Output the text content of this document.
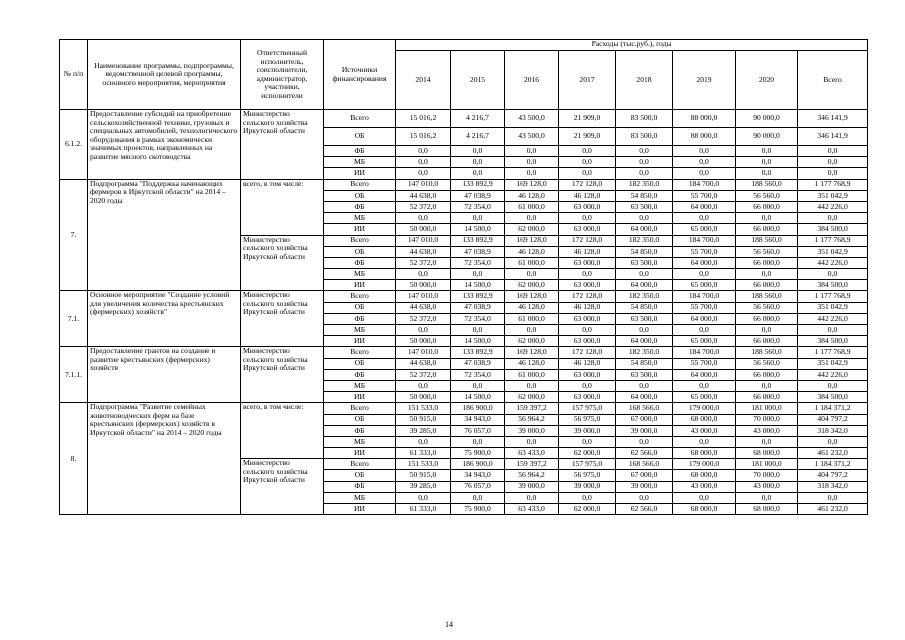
№ п/п	Наименование программы, подпрограммы, ведомственной целевой программы, основного мероприятия, мероприятия	Ответственный исполнитель, соисполнители, администратор, участники, исполнители	Источники финансирования	Расходы (тыс.руб.), годы							
				2014	2015	2016	2017	2018	2019	2020	Всего
6.1.2.	Предоставление субсидий на приобретение сельскохозяйственной техники, грузовых и специальных автомобилей, технологического оборудования в рамках экономически значимых проектов, направленных на развитие мясного скотоводства	Министерство сельского хозяйства Иркутской области	Всего	15 016,2	4 216,7	43 500,0	21 909,0	83 500,0	88 000,0	90 000,0	346 141,9
			ОБ	15 016,2	4 216,7	43 500,0	21 909,0	83 500,0	88 000,0	90 000,0	346 141,9
			ФБ	0,0	0,0	0,0	0,0	0,0	0,0	0,0	0,0
			МБ	0,0	0,0	0,0	0,0	0,0	0,0	0,0	0,0
			ИИ	0,0	0,0	0,0	0,0	0,0	0,0	0,0	0,0
7.	Подпрограмма "Поддержка начинающих фермеров в Иркутской области" на 2014 – 2020 годы	всего, в том числе:	Всего	147 010,0	133 892,9	169 128,0	172 128,0	182 350,0	184 700,0	188 560,0	1 177 768,9
			ОБ	44 638,0	47 038,9	46 128,0	46 128,0	54 850,0	55 700,0	56 560,0	351 042,9
			ФБ	52 372,0	72 354,0	61 000,0	63 000,0	63 500,0	64 000,0	66 000,0	442 226,0
			МБ	0,0	0,0	0,0	0,0	0,0	0,0	0,0	0,0
			ИИ	50 000,0	14 500,0	62 000,0	63 000,0	64 000,0	65 000,0	66 000,0	384 500,0
		Министерство сельского хозяйства Иркутской области	Всего	147 010,0	133 892,9	169 128,0	172 128,0	182 350,0	184 700,0	188 560,0	1 177 768,9
			ОБ	44 638,0	47 038,9	46 128,0	46 128,0	54 850,0	55 700,0	56 560,0	351 042,9
			ФБ	52 372,0	72 354,0	61 000,0	63 000,0	63 500,0	64 000,0	66 000,0	442 226,0
			МБ	0,0	0,0	0,0	0,0	0,0	0,0	0,0	0,0
			ИИ	50 000,0	14 500,0	62 000,0	63 000,0	64 000,0	65 000,0	66 000,0	384 500,0
7.1.	Основное мероприятие "Создание условий для увеличения количества крестьянских (фермерских) хозяйств"	Министерство сельского хозяйства Иркутской области	Всего	147 010,0	133 892,9	169 128,0	172 128,0	182 350,0	184 700,0	188 560,0	1 177 768,9
			ОБ	44 638,0	47 038,9	46 128,0	46 128,0	54 850,0	55 700,0	56 560,0	351 042,9
			ФБ	52 372,0	72 354,0	61 000,0	63 000,0	63 500,0	64 000,0	66 000,0	442 226,0
			МБ	0,0	0,0	0,0	0,0	0,0	0,0	0,0	0,0
			ИИ	50 000,0	14 500,0	62 000,0	63 000,0	64 000,0	65 000,0	66 000,0	384 500,0
7.1.1.	Предоставление грантов на создание и развитие крестьянских (фермерских) хозяйств	Министерство сельского хозяйства Иркутской области	Всего	147 010,0	133 892,9	169 128,0	172 128,0	182 350,0	184 700,0	188 560,0	1 177 768,9
			ОБ	44 638,0	47 038,9	46 128,0	46 128,0	54 850,0	55 700,0	56 560,0	351 042,9
			ФБ	52 372,0	72 354,0	61 000,0	63 000,0	63 500,0	64 000,0	66 000,0	442 226,0
			МБ	0,0	0,0	0,0	0,0	0,0	0,0	0,0	0,0
			ИИ	50 000,0	14 500,0	62 000,0	63 000,0	64 000,0	65 000,0	66 000,0	384 500,0
8.	Подпрограмма "Развитие семейных животноводческих ферм на базе крестьянских (фермерских) хозяйств в Иркутской области" на 2014 – 2020 годы	всего, в том числе:	Всего	151 533,0	186 900,0	159 397,2	157 975,0	168 566,0	179 000,0	181 000,0	1 184 371,2
			ОБ	50 915,0	34 943,0	56 964,2	56 975,0	67 000,0	68 000,0	70 000,0	404 797,2
			ФБ	39 285,0	76 057,0	39 000,0	39 000,0	39 000,0	43 000,0	43 000,0	318 342,0
			МБ	0,0	0,0	0,0	0,0	0,0	0,0	0,0	0,0
			ИИ	61 333,0	75 900,0	63 433,0	62 000,0	62 566,0	68 000,0	68 000,0	461 232,0
		Министерство сельского хозяйства Иркутской области	Всего	151 533,0	186 900,0	159 397,2	157 975,0	168 566,0	179 000,0	181 000,0	1 184 371,2
			ОБ	50 915,0	34 943,0	56 964,2	56 975,0	67 000,0	68 000,0	70 000,0	404 797,2
			ФБ	39 285,0	76 057,0	39 000,0	39 000,0	39 000,0	43 000,0	43 000,0	318 342,0
			МБ	0,0	0,0	0,0	0,0	0,0	0,0	0,0	0,0
			ИИ	61 333,0	75 900,0	63 433,0	62 000,0	62 566,0	68 000,0	68 000,0	461 232,0
14
